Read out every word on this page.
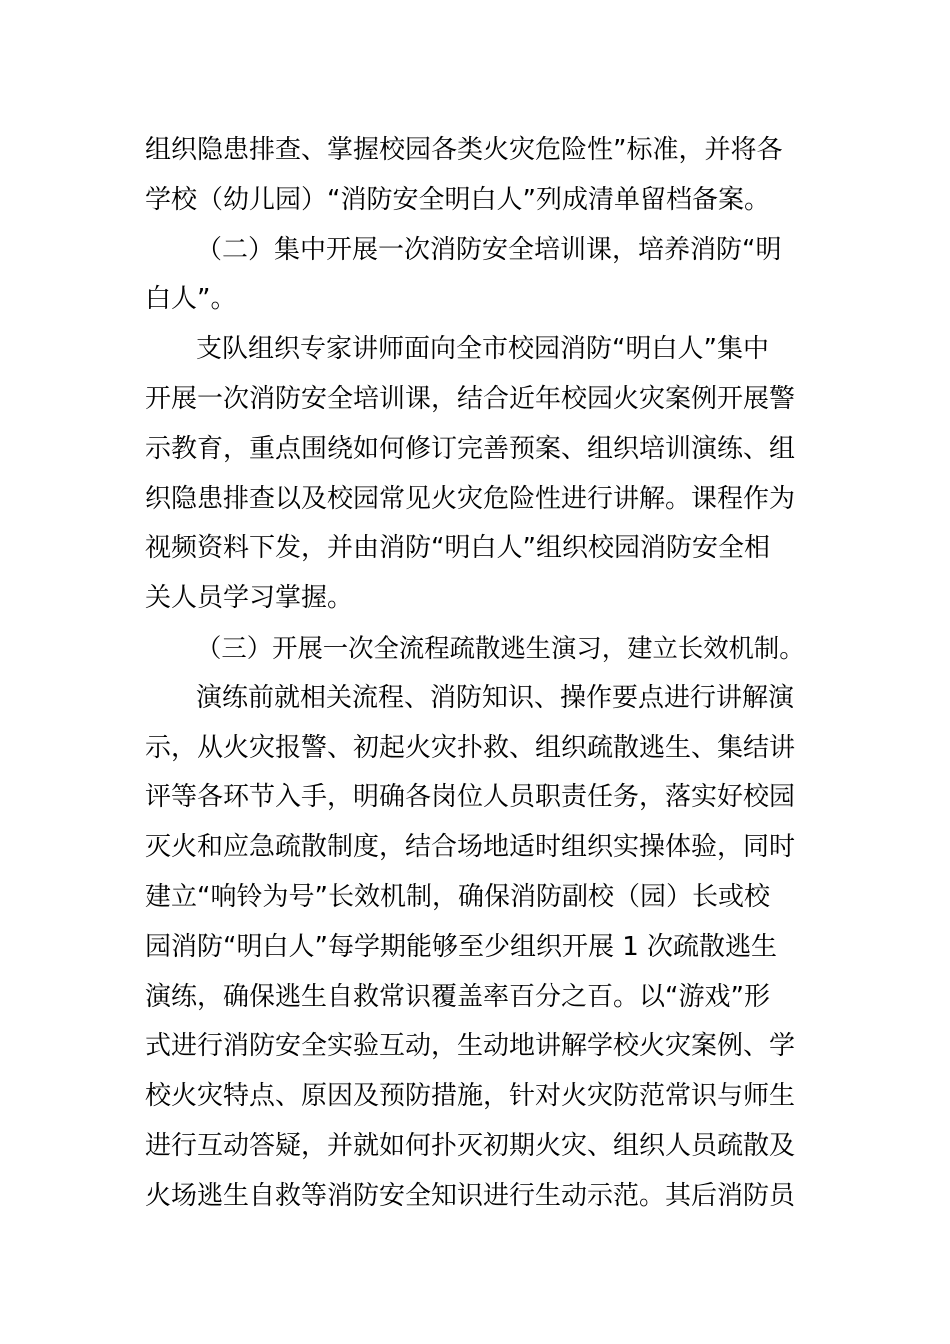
组织隐患排查、掌握校园各类火灾危险性”标准，并将各
学校（幼儿园）“消防安全明白人”列成清单留档备案。
（二）集中开展一次消防安全培训课，培养消防“明
白人”。
支队组织专家讲师面向全市校园消防“明白人”集中
开展一次消防安全培训课，结合近年校园火灾案例开展警
示教育，重点围绕如何修订完善预案、组织培训演练、组
织隐患排查以及校园常见火灾危险性进行讲解。课程作为
视频资料下发，并由消防“明白人”组织校园消防安全相
关人员学习掌握。
（三）开展一次全流程疏散逃生演习，建立长效机制。
演练前就相关流程、消防知识、操作要点进行讲解演
示，从火灾报警、初起火灾扑救、组织疏散逃生、集结讲
评等各环节入手，明确各岗位人员职责任务，落实好校园
灭火和应急疏散制度，结合场地适时组织实操体验，同时
建立“响铃为号”长效机制，确保消防副校（园）长或校
园消防“明白人”每学期能够至少组织开展 1 次疏散逃生
演练，确保逃生自救常识覆盖率百分之百。以“游戏”形
式进行消防安全实验互动，生动地讲解学校火灾案例、学
校火灾特点、原因及预防措施，针对火灾防范常识与师生
进行互动答疑，并就如何扑灭初期火灾、组织人员疏散及
火场逃生自救等消防安全知识进行生动示范。其后消防员
